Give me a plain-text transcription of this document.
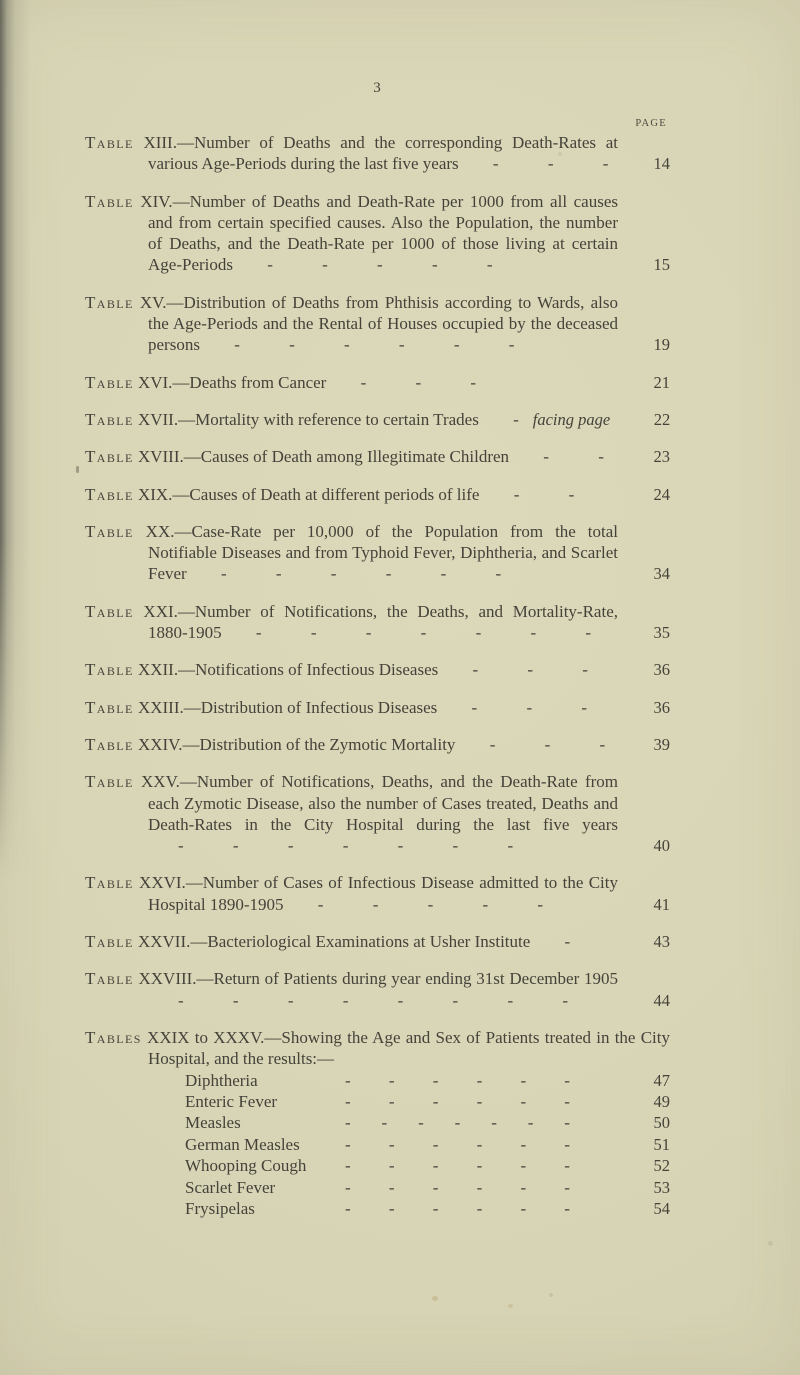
3
PAGE
Table XIII.—Number of Deaths and the corresponding Death-Rates at various Age-Periods during the last five years - - -	14
Table XIV.—Number of Deaths and Death-Rate per 1000 from all causes and from certain specified causes. Also the Population, the number of Deaths, and the Death-Rate per 1000 of those living at certain Age-Periods - - - - -	15
Table XV.—Distribution of Deaths from Phthisis according to Wards, also the Age-Periods and the Rental of Houses occupied by the deceased persons - - - - - -	19
Table XVI.—Deaths from Cancer - - -	21
Table XVII.—Mortality with reference to certain Trades - facing page	22
Table XVIII.—Causes of Death among Illegitimate Children - -	23
Table XIX.—Causes of Death at different periods of life - -	24
Table XX.—Case-Rate per 10,000 of the Population from the total Notifiable Diseases and from Typhoid Fever, Diphtheria, and Scarlet Fever - - - - - -	34
Table XXI.—Number of Notifications, the Deaths, and Mortality-Rate, 1880-1905 - - - - - - -	35
Table XXII.—Notifications of Infectious Diseases - - -	36
Table XXIII.—Distribution of Infectious Diseases - - -	36
Table XXIV.—Distribution of the Zymotic Mortality - - -	39
Table XXV.—Number of Notifications, Deaths, and the Death-Rate from each Zymotic Disease, also the number of Cases treated, Deaths and Death-Rates in the City Hospital during the last five years - - - - - - -	40
Table XXVI.—Number of Cases of Infectious Disease admitted to the City Hospital 1890-1905 - - - - -	41
Table XXVII.—Bacteriological Examinations at Usher Institute -	43
Table XXVIII.—Return of Patients during year ending 31st December 1905 - - - - - - - -	44
Tables XXIX to XXXV.—Showing the Age and Sex of Patients treated in the City Hospital, and the results:—
Diphtheria	- - - - - -	47
Enteric Fever	- - - - - -	49
Measles	- - - - - - -	50
German Measles	- - - - - -	51
Whooping Cough	- - - - - -	52
Scarlet Fever	- - - - - -	53
Frysipelas	- - - - - -	54
